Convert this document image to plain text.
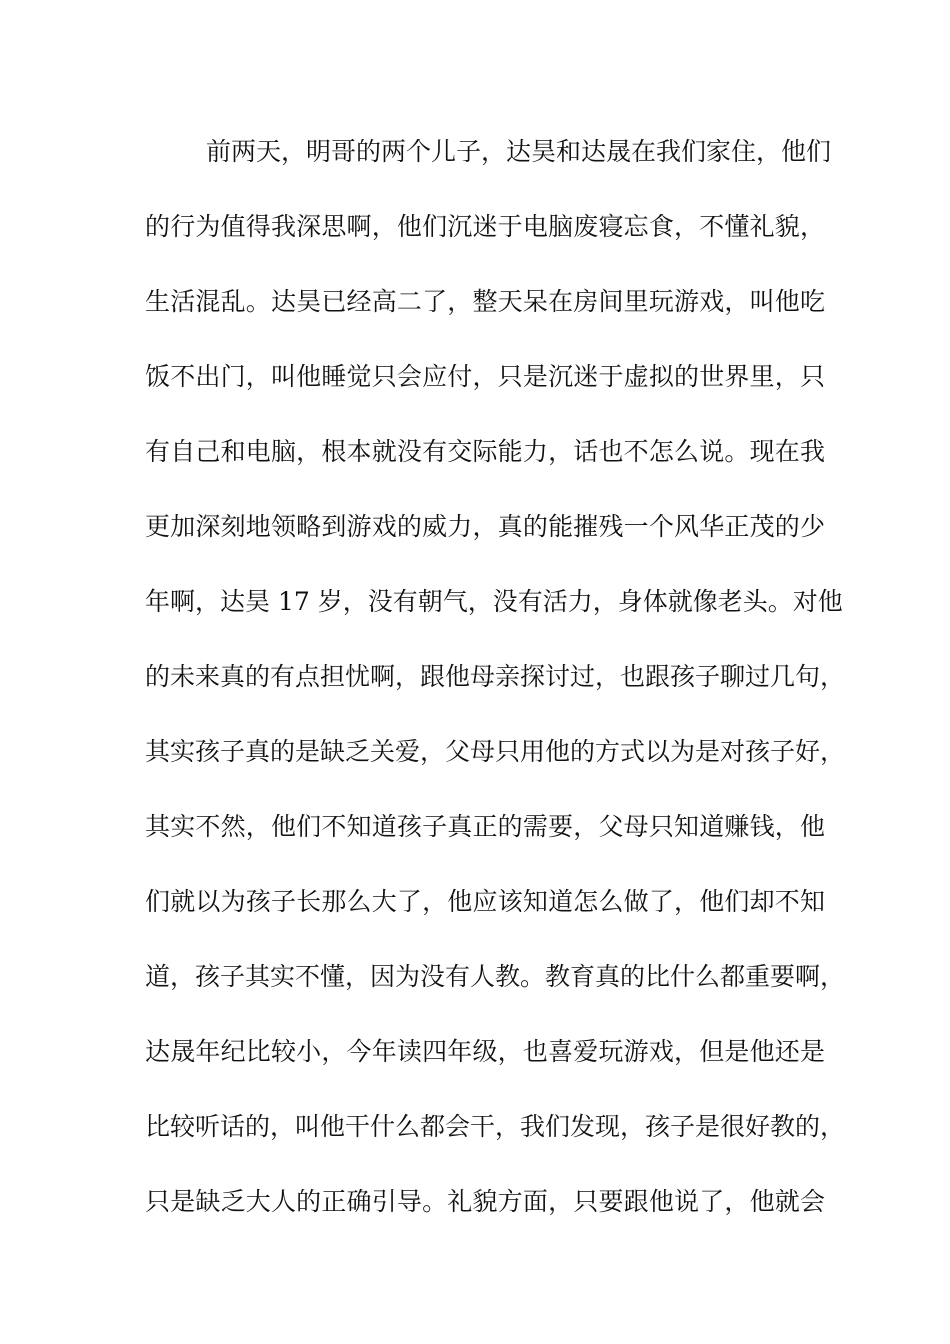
前两天，明哥的两个儿子，达昊和达晟在我们家住，他们
的行为值得我深思啊，他们沉迷于电脑废寝忘食，不懂礼貌，
生活混乱。达昊已经高二了，整天呆在房间里玩游戏，叫他吃
饭不出门，叫他睡觉只会应付，只是沉迷于虚拟的世界里，只
有自己和电脑，根本就没有交际能力，话也不怎么说。现在我
更加深刻地领略到游戏的威力，真的能摧残一个风华正茂的少
年啊，达昊 17 岁，没有朝气，没有活力，身体就像老头。对他
的未来真的有点担忧啊，跟他母亲探讨过，也跟孩子聊过几句，
其实孩子真的是缺乏关爱，父母只用他的方式以为是对孩子好，
其实不然，他们不知道孩子真正的需要，父母只知道赚钱，他
们就以为孩子长那么大了，他应该知道怎么做了，他们却不知
道，孩子其实不懂，因为没有人教。教育真的比什么都重要啊，
达晟年纪比较小，今年读四年级，也喜爱玩游戏，但是他还是
比较听话的，叫他干什么都会干，我们发现，孩子是很好教的，
只是缺乏大人的正确引导。礼貌方面，只要跟他说了，他就会
